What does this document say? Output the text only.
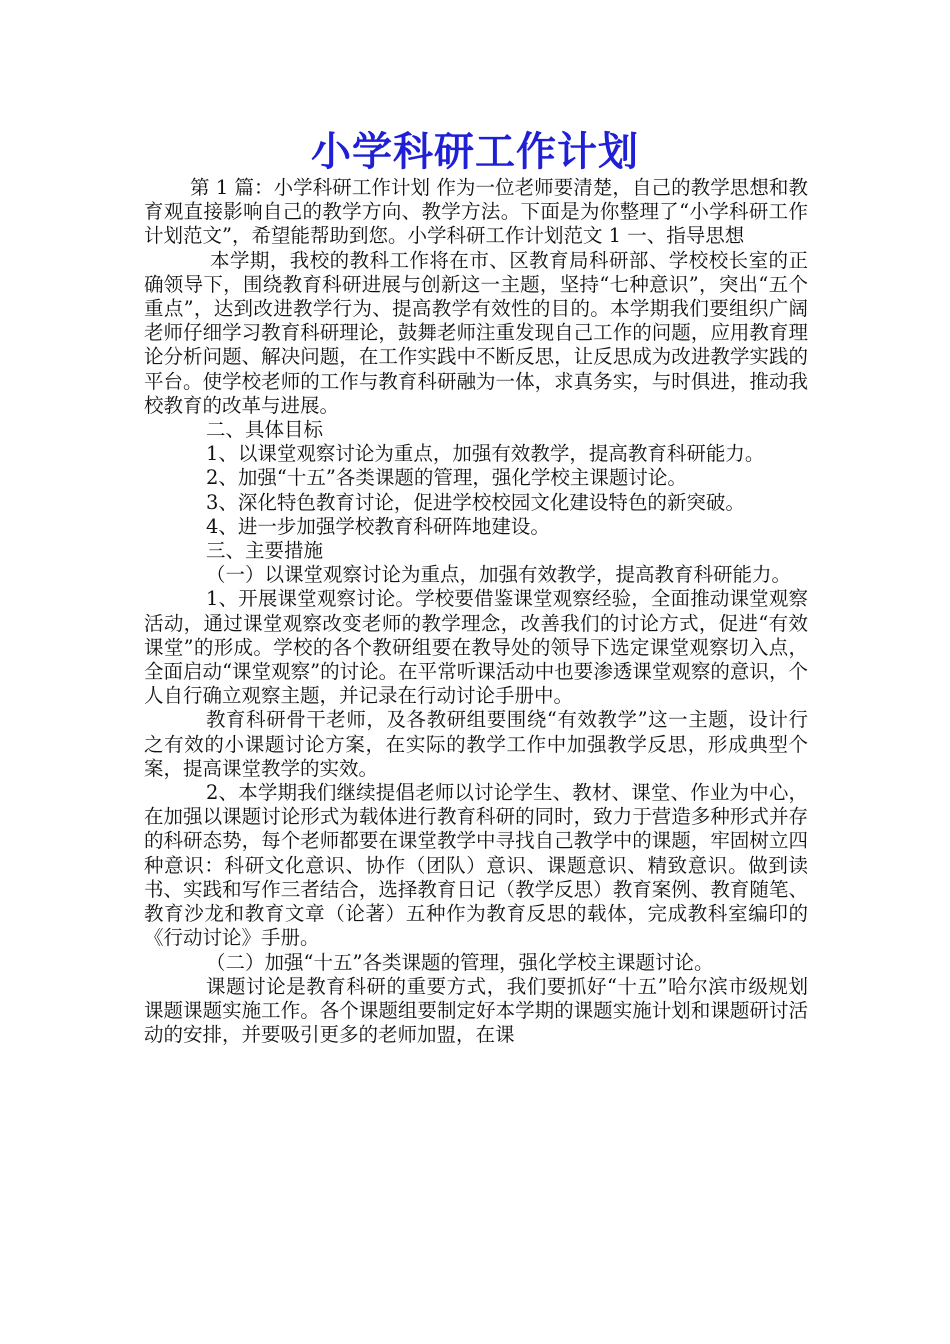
小学科研工作计划

第 1 篇：小学科研工作计划 作为一位老师要清楚，自己的教学思想和教育观直接影响自己的教学方向、教学方法。下面是为你整理了“小学科研工作计划范文”，希望能帮助到您。小学科研工作计划范文 1 一、指导思想

本学期，我校的教科工作将在市、区教育局科研部、学校校长室的正确领导下，围绕教育科研进展与创新这一主题，坚持“七种意识”，突出“五个重点”，达到改进教学行为、提高教学有效性的目的。本学期我们要组织广阔老师仔细学习教育科研理论，鼓舞老师注重发现自己工作的问题，应用教育理论分析问题、解决问题，在工作实践中不断反思，让反思成为改进教学实践的平台。使学校老师的工作与教育科研融为一体，求真务实，与时俱进，推动我校教育的改革与进展。

二、具体目标

1、以课堂观察讨论为重点，加强有效教学，提高教育科研能力。

2、加强“十五”各类课题的管理，强化学校主课题讨论。

3、深化特色教育讨论，促进学校校园文化建设特色的新突破。

4、进一步加强学校教育科研阵地建设。

三、主要措施

（一）以课堂观察讨论为重点，加强有效教学，提高教育科研能力。

1、开展课堂观察讨论。学校要借鉴课堂观察经验，全面推动课堂观察活动，通过课堂观察改变老师的教学理念，改善我们的讨论方式，促进“有效课堂”的形成。学校的各个教研组要在教导处的领导下选定课堂观察切入点，全面启动“课堂观察”的讨论。在平常听课活动中也要渗透课堂观察的意识，个人自行确立观察主题，并记录在行动讨论手册中。

教育科研骨干老师，及各教研组要围绕“有效教学”这一主题，设计行之有效的小课题讨论方案，在实际的教学工作中加强教学反思，形成典型个案，提高课堂教学的实效。

2、本学期我们继续提倡老师以讨论学生、教材、课堂、作业为中心，在加强以课题讨论形式为载体进行教育科研的同时，致力于营造多种形式并存的科研态势，每个老师都要在课堂教学中寻找自己教学中的课题，牢固树立四种意识：科研文化意识、协作（团队）意识、课题意识、精致意识。做到读书、实践和写作三者结合，选择教育日记（教学反思）教育案例、教育随笔、教育沙龙和教育文章（论著）五种作为教育反思的载体，完成教科室编印的《行动讨论》手册。

（二）加强“十五”各类课题的管理，强化学校主课题讨论。

课题讨论是教育科研的重要方式，我们要抓好“十五”哈尔滨市级规划课题课题实施工作。各个课题组要制定好本学期的课题实施计划和课题研讨活动的安排，并要吸引更多的老师加盟，在课
